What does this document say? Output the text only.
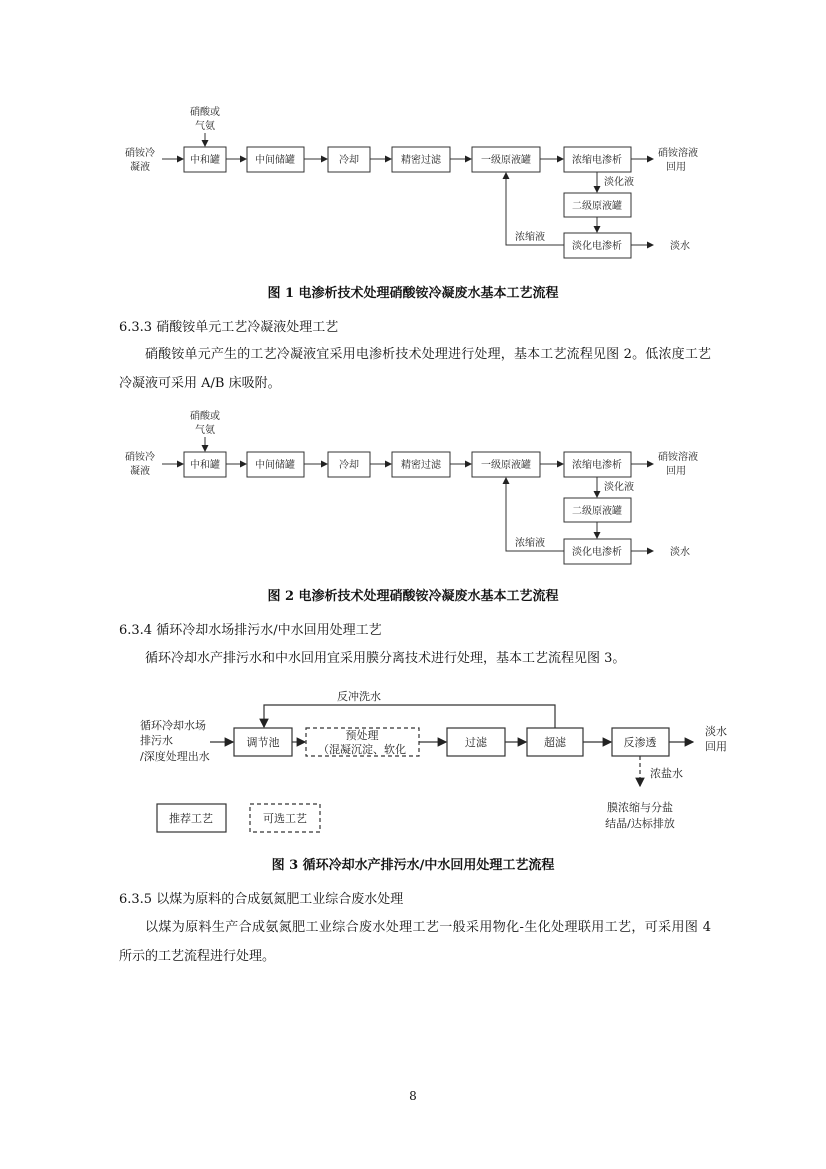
硝铵冷
凝液
硝酸或
气氨
中和罐	中间储罐	冷却	精密过滤	一级原液罐	浓缩电渗析
硝铵溶液
回用
淡化液
二级原液罐
浓缩液
淡化电渗析	淡水
图 1 电渗析技术处理硝酸铵冷凝废水基本工艺流程
6.3.3 硝酸铵单元工艺冷凝液处理工艺
硝酸铵单元产生的工艺冷凝液宜采用电渗析技术处理进行处理，基本工艺流程见图 2。低浓度工艺冷凝液可采用 A/B 床吸附。
硝铵冷
凝液
硝酸或
气氨
中和罐	中间储罐	冷却	精密过滤	一级原液罐	浓缩电渗析
硝铵溶液
回用
淡化液
二级原液罐
浓缩液
淡化电渗析	淡水
图 2 电渗析技术处理硝酸铵冷凝废水基本工艺流程
6.3.4 循环冷却水场排污水/中水回用处理工艺
循环冷却水产排污水和中水回用宜采用膜分离技术进行处理，基本工艺流程见图 3。
反冲洗水
循环冷却水场
排污水
/深度处理出水
调节池
预处理
（混凝沉淀、软化
过滤	超滤	反渗透
淡水
回用
浓盐水
膜浓缩与分盐
结晶/达标排放
推荐工艺	可选工艺
图 3 循环冷却水产排污水/中水回用处理工艺流程
6.3.5 以煤为原料的合成氨氮肥工业综合废水处理
以煤为原料生产合成氨氮肥工业综合废水处理工艺一般采用物化-生化处理联用工艺，可采用图 4 所示的工艺流程进行处理。
8
